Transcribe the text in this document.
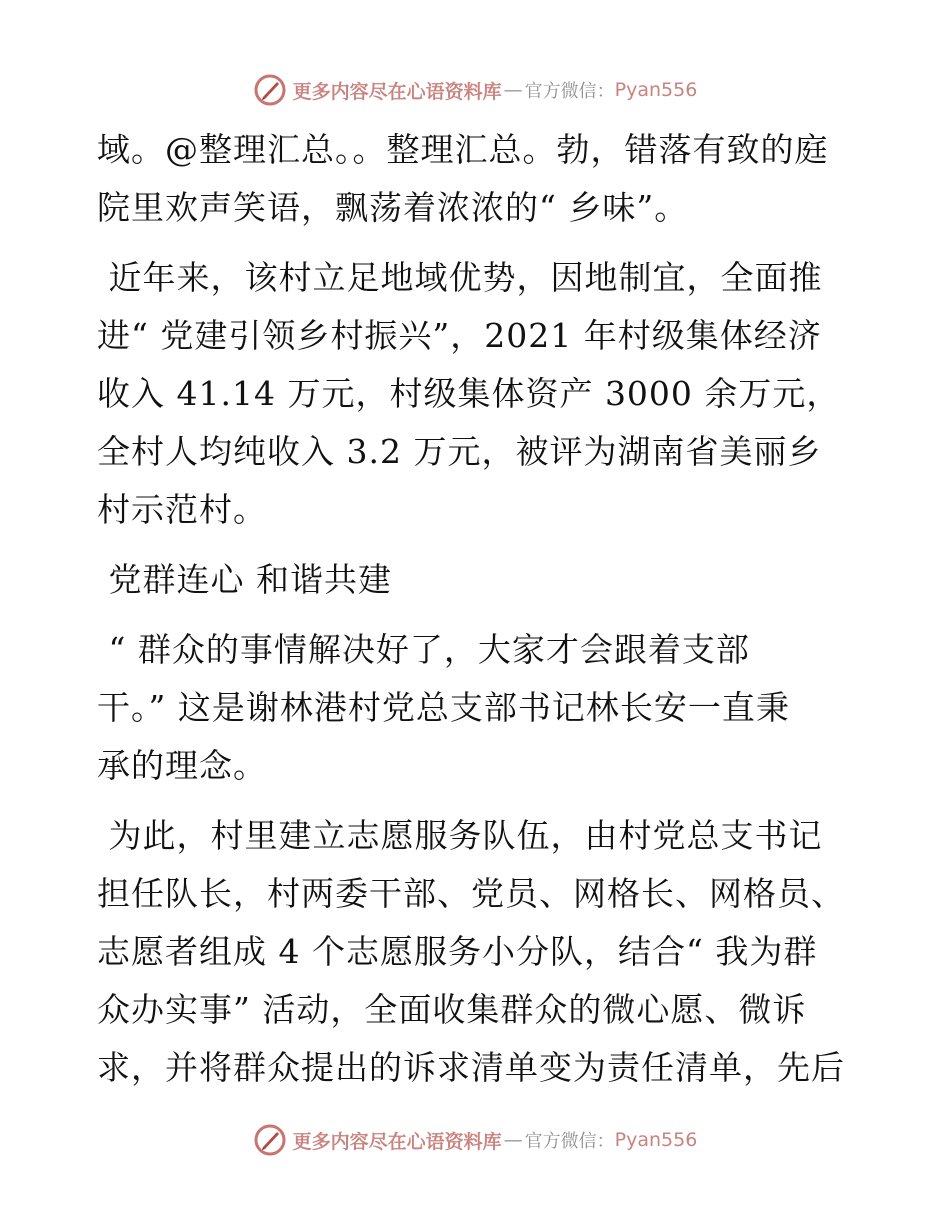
更多内容尽在心语资料库 — 官方微信： Pyan556
域。@整理汇总。。整理汇总。勃，错落有致的庭
院里欢声笑语，飘荡着浓浓的“ 乡味”。
近年来，该村立足地域优势，因地制宜，全面推
进“ 党建引领乡村振兴”，2021 年村级集体经济
收入 41.14 万元，村级集体资产 3000 余万元，
全村人均纯收入 3.2 万元，被评为湖南省美丽乡
村示范村。
党群连心 和谐共建
“ 群众的事情解决好了，大家才会跟着支部
干。” 这是谢林港村党总支部书记林长安一直秉
承的理念。
为此，村里建立志愿服务队伍，由村党总支书记
担任队长，村两委干部、党员、网格长、网格员、
志愿者组成 4 个志愿服务小分队，结合“ 我为群
众办实事” 活动，全面收集群众的微心愿、微诉
求，并将群众提出的诉求清单变为责任清单，先后
更多内容尽在心语资料库 — 官方微信： Pyan556
